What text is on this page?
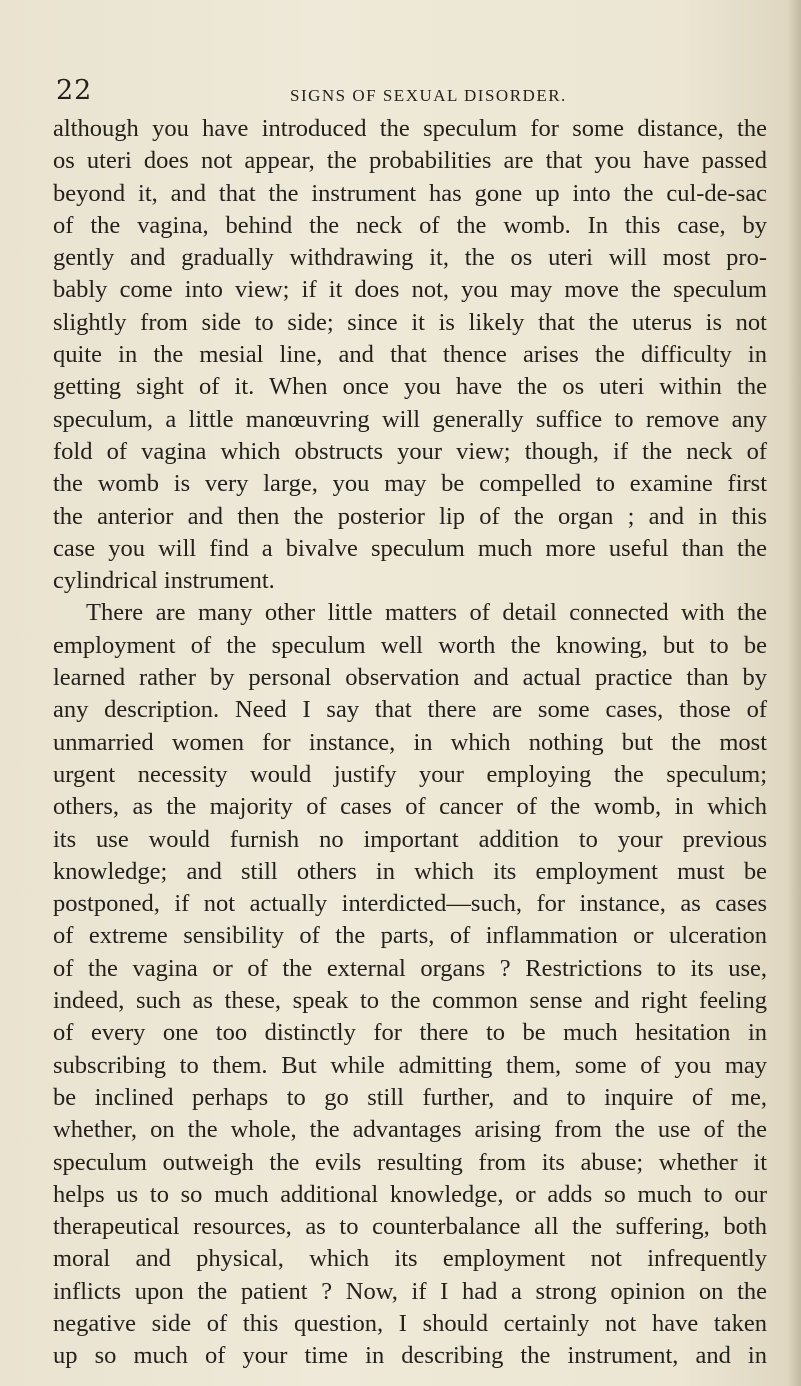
22	SIGNS OF SEXUAL DISORDER.
although you have introduced the speculum for some distance, the
os uteri does not appear, the probabilities are that you have passed
beyond it, and that the instrument has gone up into the cul-de-sac
of the vagina, behind the neck of the womb. In this case, by
gently and gradually withdrawing it, the os uteri will most pro-
bably come into view; if it does not, you may move the speculum
slightly from side to side; since it is likely that the uterus is not
quite in the mesial line, and that thence arises the difficulty in
getting sight of it. When once you have the os uteri within the
speculum, a little manœuvring will generally suffice to remove any
fold of vagina which obstructs your view; though, if the neck of
the womb is very large, you may be compelled to examine first
the anterior and then the posterior lip of the organ ; and in this
case you will find a bivalve speculum much more useful than the
cylindrical instrument.
There are many other little matters of detail connected with the
employment of the speculum well worth the knowing, but to be
learned rather by personal observation and actual practice than by
any description. Need I say that there are some cases, those of
unmarried women for instance, in which nothing but the most
urgent necessity would justify your employing the speculum;
others, as the majority of cases of cancer of the womb, in which
its use would furnish no important addition to your previous
knowledge; and still others in which its employment must be
postponed, if not actually interdicted—such, for instance, as cases
of extreme sensibility of the parts, of inflammation or ulceration
of the vagina or of the external organs ? Restrictions to its use,
indeed, such as these, speak to the common sense and right feeling
of every one too distinctly for there to be much hesitation in
subscribing to them. But while admitting them, some of you may
be inclined perhaps to go still further, and to inquire of me,
whether, on the whole, the advantages arising from the use of the
speculum outweigh the evils resulting from its abuse; whether it
helps us to so much additional knowledge, or adds so much to our
therapeutical resources, as to counterbalance all the suffering, both
moral and physical, which its employment not infrequently
inflicts upon the patient ? Now, if I had a strong opinion on the
negative side of this question, I should certainly not have taken
up so much of your time in describing the instrument, and in
